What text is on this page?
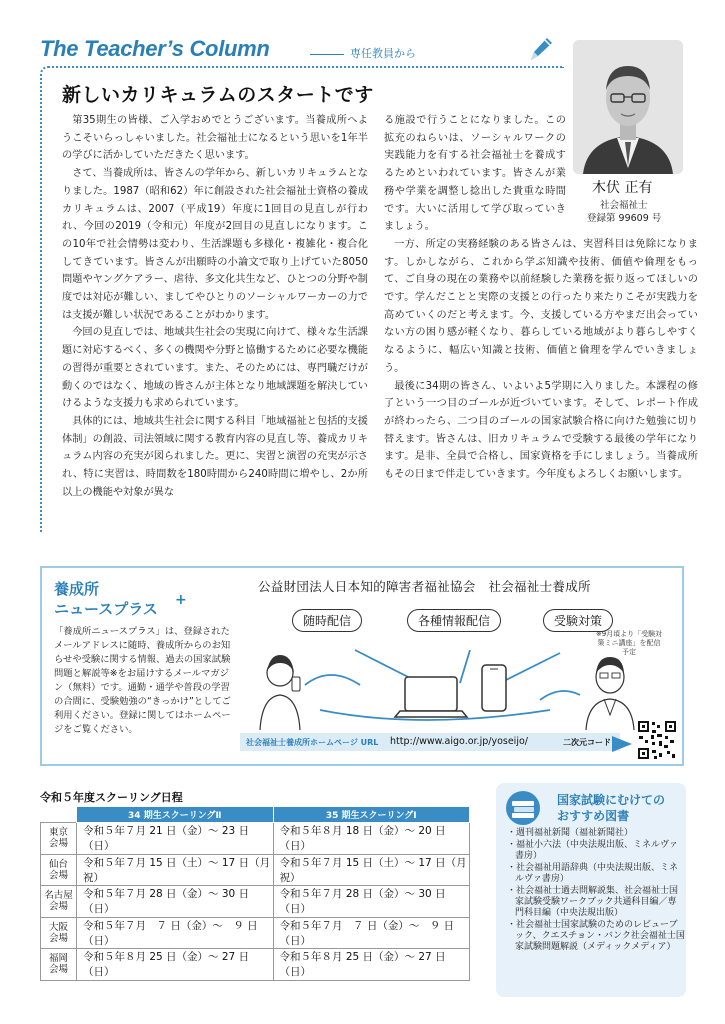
The Teacher’s Column	専任教員から
新しいカリキュラムのスタートです

第35期生の皆様、ご入学おめでとうございます。当養成所へようこそいらっしゃいました。社会福祉士になるという思いを1年半の学びに活かしていただきたく思います。

さて、当養成所は、皆さんの学年から、新しいカリキュラムとなりました。1987（昭和62）年に創設された社会福祉士資格の養成カリキュラムは、2007（平成19）年度に1回目の見直しが行われ、今回の2019（令和元）年度が2回目の見直しになります。この10年で社会情勢は変わり、生活課題も多様化・複雑化・複合化してきています。皆さんが出願時の小論文で取り上げていた8050問題やヤングケアラー、虐待、多文化共生など、ひとつの分野や制度では対応が難しい、ましてやひとりのソーシャルワーカーの力では支援が難しい状況であることがわかります。

今回の見直しでは、地域共生社会の実現に向けて、様々な生活課題に対応するべく、多くの機関や分野と協働するために必要な機能の習得が重要とされています。また、そのためには、専門職だけが動くのではなく、地域の皆さんが主体となり地域課題を解決していけるような支援力も求められています。

具体的には、地域共生社会に関する科目「地域福祉と包括的支援体制」の創設、司法領域に関する教育内容の見直し等、養成カリキュラム内容の充実が図られました。更に、実習と演習の充実が示され、特に実習は、時間数を180時間から240時間に増やし、2か所以上の機能や対象が異な

る施設で行うことになりました。この拡充のねらいは、ソーシャルワークの実践能力を有する社会福祉士を養成するためといわれています。皆さんが業務や学業を調整し捻出した貴重な時間です。大いに活用して学び取っていきましょう。

一方、所定の実務経験のある皆さんは、実習科目は免除になります。しかしながら、これから学ぶ知識や技術、価値や倫理をもって、ご自身の現在の業務や以前経験した業務を振り返ってほしいのです。学んだことと実際の支援との行ったり来たりこそが実践力を高めていくのだと考えます。今、支援している方やまだ出会っていない方の困り感が軽くなり、暮らしている地域がより暮らしやすくなるように、幅広い知識と技術、価値と倫理を学んでいきましょう。

最後に34期の皆さん、いよいよ5学期に入りました。本課程の修了という一つ目のゴールが近づいています。そして、レポート作成が終わったら、二つ目のゴールの国家試験合格に向けた勉強に切り替えます。皆さんは、旧カリキュラムで受験する最後の学年になります。是非、全員で合格し、国家資格を手にしましょう。当養成所もその日まで伴走していきます。今年度もよろしくお願いします。

木伏 正有
社会福祉士
登録第 99609 号
養成所
ニュースプラス +
「養成所ニュースプラス」は、登録されたメールアドレスに随時、養成所からのお知らせや受験に関する情報、過去の国家試験問題と解説等※をお届けするメールマガジン（無料）です。通勤・通学や普段の学習の合間に、受験勉強の“きっかけ”としてご利用ください。登録に関してはホームページをご覧ください。
公益財団法人日本知的障害者福祉協会　社会福祉士養成所
随時配信	各種情報配信	受験対策
※9月頃より「受験対策ミニ講座」を配信予定
社会福祉士養成所ホームページ URL http://www.aigo.or.jp/yoseijo/	二次元コード
令和５年度スクーリング日程
	34 期生スクーリングⅡ	35 期生スクーリングⅠ
東京
会場	令和５年７月 21 日（金）～ 23 日（日）	令和５年８月 18 日（金）～ 20 日（日）
仙台
会場	令和５年７月 15 日（土）～ 17 日（月祝）	令和５年７月 15 日（土）～ 17 日（月祝）
名古屋
会場	令和５年７月 28 日（金）～ 30 日（日）	令和５年７月 28 日（金）～ 30 日（日）
大阪
会場	令和５年７月　７ 日（金）～　９ 日（日）	令和５年７月　７ 日（金）～　９ 日（日）
福岡
会場	令和５年８月 25 日（金）～ 27 日（日）	令和５年８月 25 日（金）～ 27 日（日）
国家試験にむけての
おすすめ図書
・ 週刊福祉新聞（福祉新聞社）
・ 福祉小六法（中央法規出版、ミネルヴァ書房）
・ 社会福祉用語辞典（中央法規出版、ミネルヴァ書房）
・ 社会福祉士過去問解説集、社会福祉士国家試験受験ワークブック共通科目編／専門科目編（中央法規出版）
・ 社会福祉士国家試験のためのレビューブック、クエスチョン・バンク社会福祉士国家試験問題解説（メディックメディア）
